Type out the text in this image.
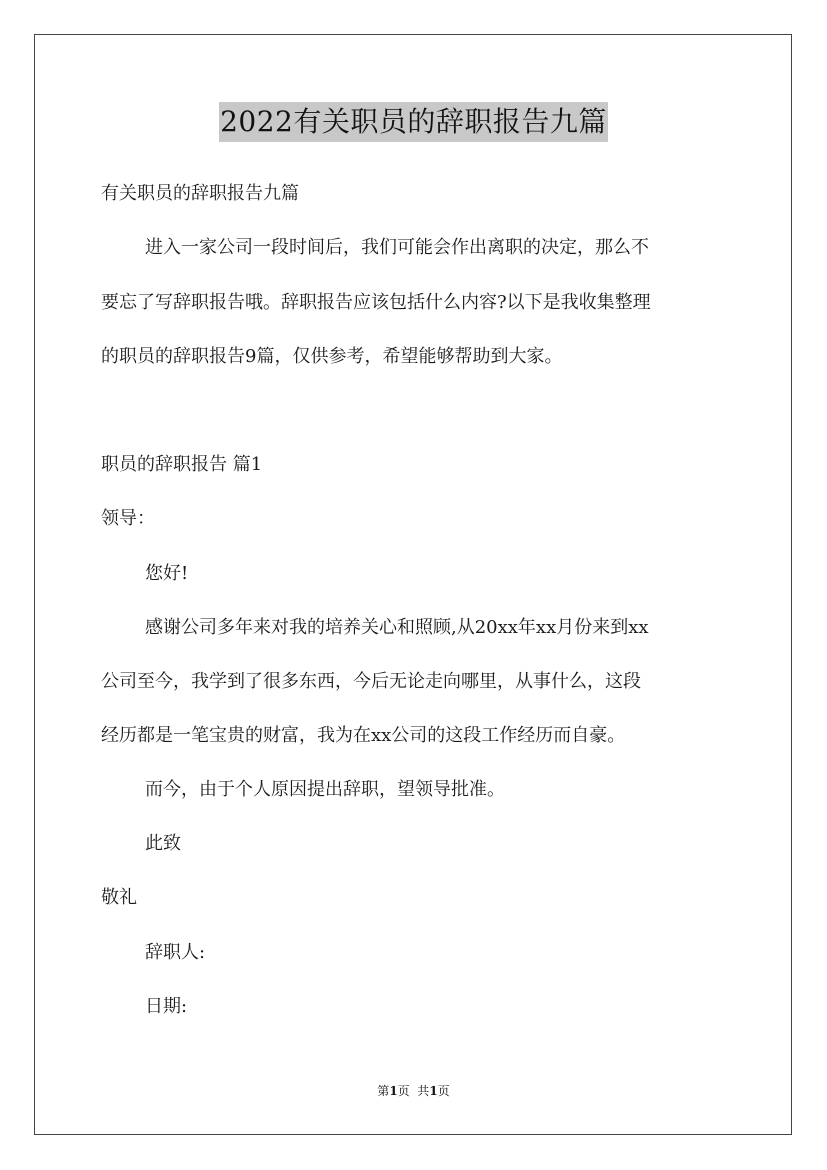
2022有关职员的辞职报告九篇
有关职员的辞职报告九篇
进入一家公司一段时间后，我们可能会作出离职的决定，那么不
要忘了写辞职报告哦。辞职报告应该包括什么内容?以下是我收集整理
的职员的辞职报告9篇，仅供参考，希望能够帮助到大家。
职员的辞职报告 篇1
领导：
您好!
感谢公司多年来对我的培养关心和照顾,从20xx年xx月份来到xx
公司至今，我学到了很多东西，今后无论走向哪里，从事什么，这段
经历都是一笔宝贵的财富，我为在xx公司的这段工作经历而自豪。
而今，由于个人原因提出辞职，望领导批准。
此致
敬礼
辞职人:
日期:
第1页  共1页
